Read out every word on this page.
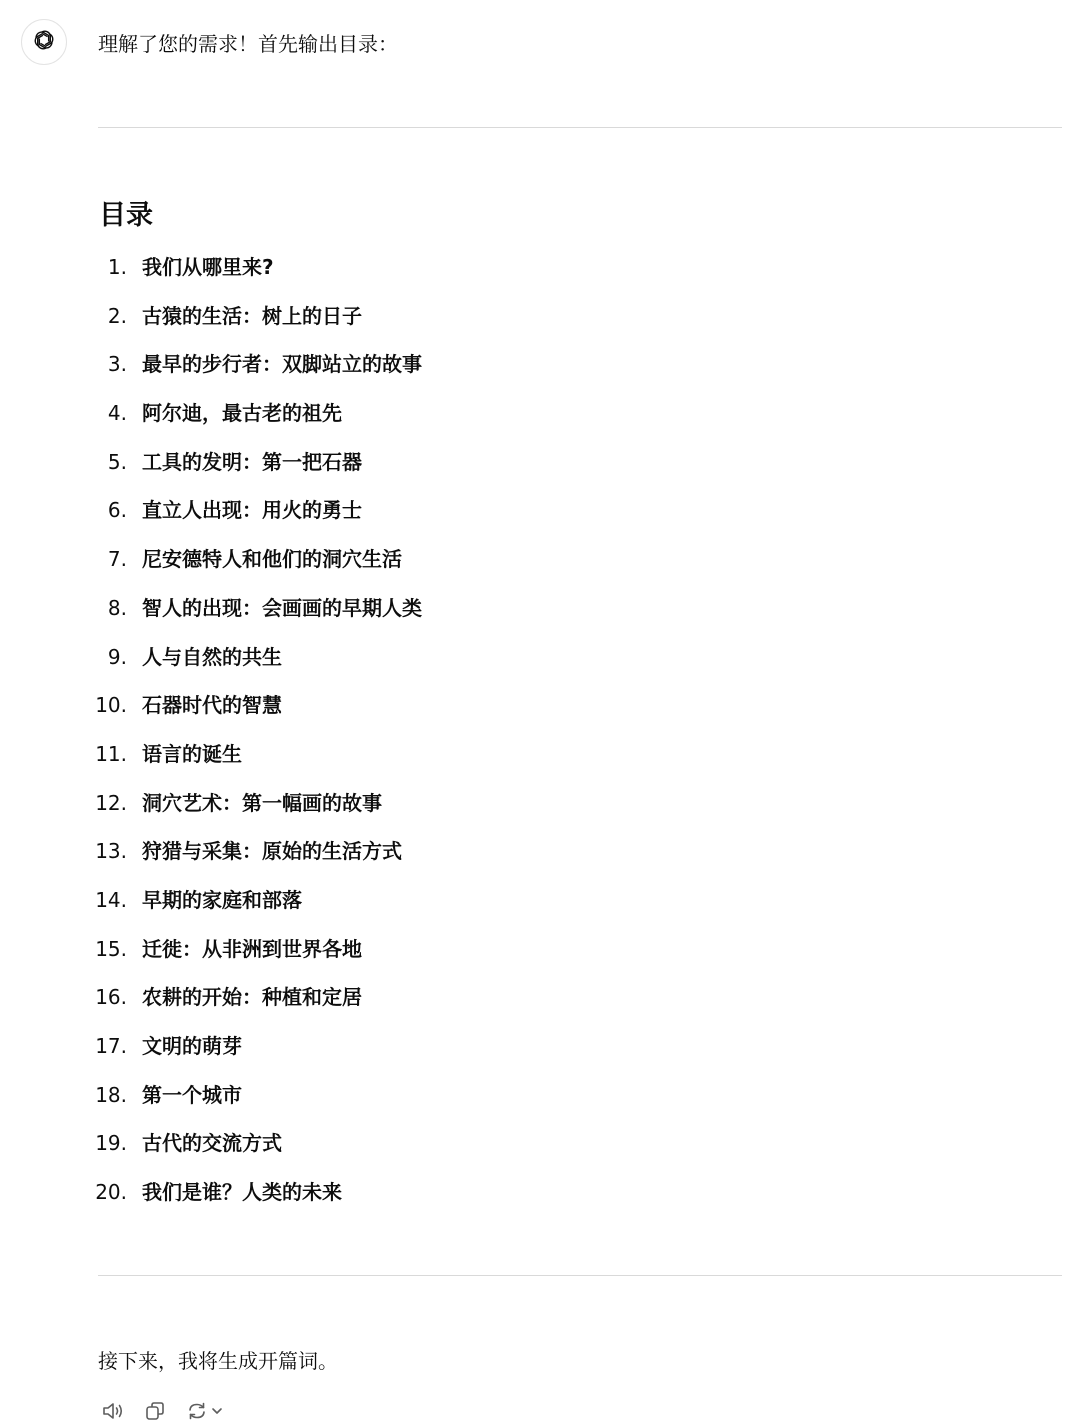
理解了您的需求！首先输出目录：
目录
1. 我们从哪里来?
2. 古猿的生活：树上的日子
3. 最早的步行者：双脚站立的故事
4. 阿尔迪，最古老的祖先
5. 工具的发明：第一把石器
6. 直立人出现：用火的勇士
7. 尼安德特人和他们的洞穴生活
8. 智人的出现：会画画的早期人类
9. 人与自然的共生
10. 石器时代的智慧
11. 语言的诞生
12. 洞穴艺术：第一幅画的故事
13. 狩猎与采集：原始的生活方式
14. 早期的家庭和部落
15. 迁徙：从非洲到世界各地
16. 农耕的开始：种植和定居
17. 文明的萌芽
18. 第一个城市
19. 古代的交流方式
20. 我们是谁？人类的未来
接下来，我将生成开篇词。
